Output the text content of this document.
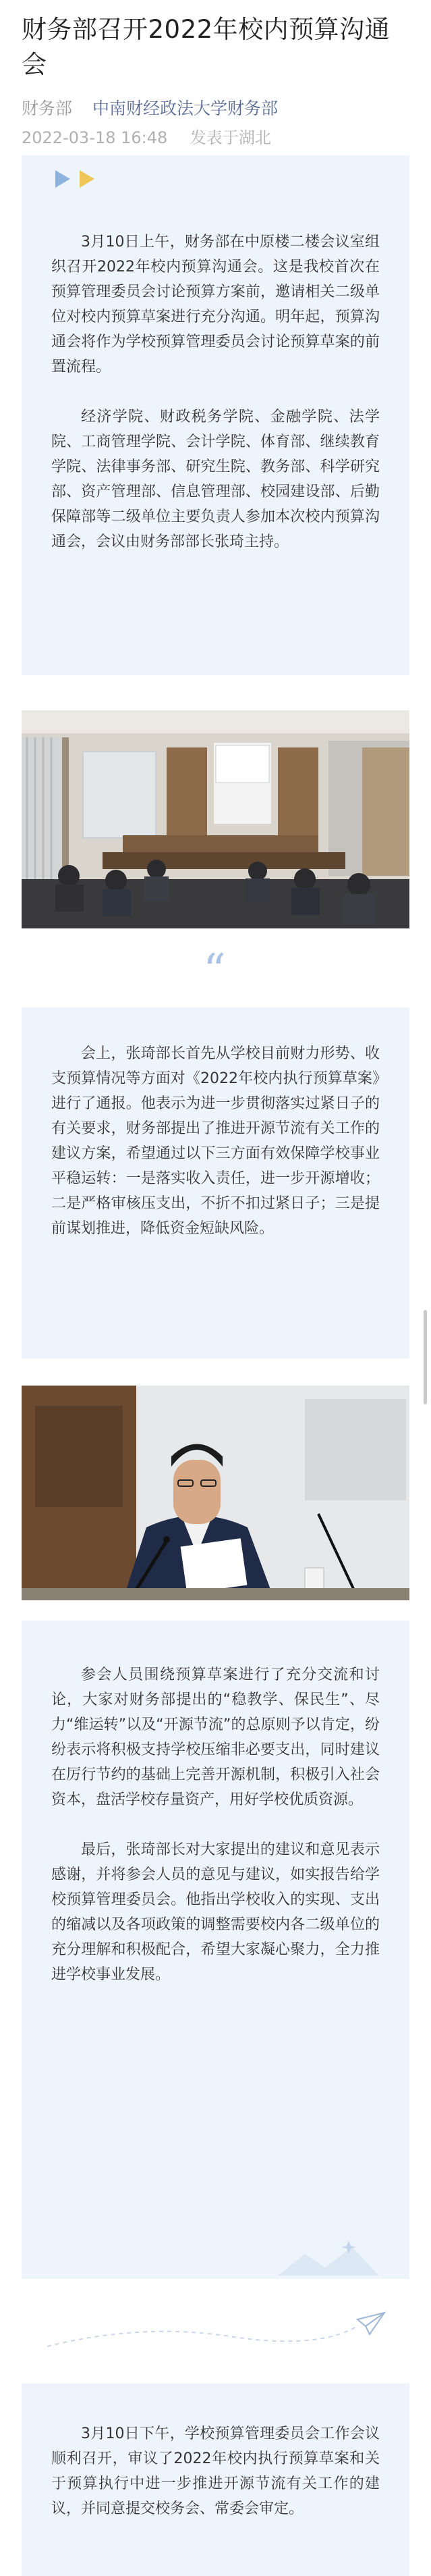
财务部召开2022年校内预算沟通会
财务部 中南财经政法大学财务部
2022-03-18 16:48 发表于湖北

3月10日上午，财务部在中原楼二楼会议室组织召开2022年校内预算沟通会。这是我校首次在预算管理委员会讨论预算方案前，邀请相关二级单位对校内预算草案进行充分沟通。明年起，预算沟通会将作为学校预算管理委员会讨论预算草案的前置流程。

经济学院、财政税务学院、金融学院、法学院、工商管理学院、会计学院、体育部、继续教育学院、法律事务部、研究生院、教务部、科学研究部、资产管理部、信息管理部、校园建设部、后勤保障部等二级单位主要负责人参加本次校内预算沟通会，会议由财务部部长张琦主持。

“

会上，张琦部长首先从学校目前财力形势、收支预算情况等方面对《2022年校内执行预算草案》进行了通报。他表示为进一步贯彻落实过紧日子的有关要求，财务部提出了推进开源节流有关工作的建议方案，希望通过以下三方面有效保障学校事业平稳运转：一是落实收入责任，进一步开源增收；二是严格审核压支出，不折不扣过紧日子；三是提前谋划推进，降低资金短缺风险。

参会人员围绕预算草案进行了充分交流和讨论，大家对财务部提出的“稳教学、保民生”、尽力“维运转”以及“开源节流”的总原则予以肯定，纷纷表示将积极支持学校压缩非必要支出，同时建议在厉行节约的基础上完善开源机制，积极引入社会资本，盘活学校存量资产，用好学校优质资源。

最后，张琦部长对大家提出的建议和意见表示感谢，并将参会人员的意见与建议，如实报告给学校预算管理委员会。他指出学校收入的实现、支出的缩减以及各项政策的调整需要校内各二级单位的充分理解和积极配合，希望大家凝心聚力，全力推进学校事业发展。

3月10日下午，学校预算管理委员会工作会议顺利召开，审议了2022年校内执行预算草案和关于预算执行中进一步推进开源节流有关工作的建议，并同意提交校务会、常委会审定。
